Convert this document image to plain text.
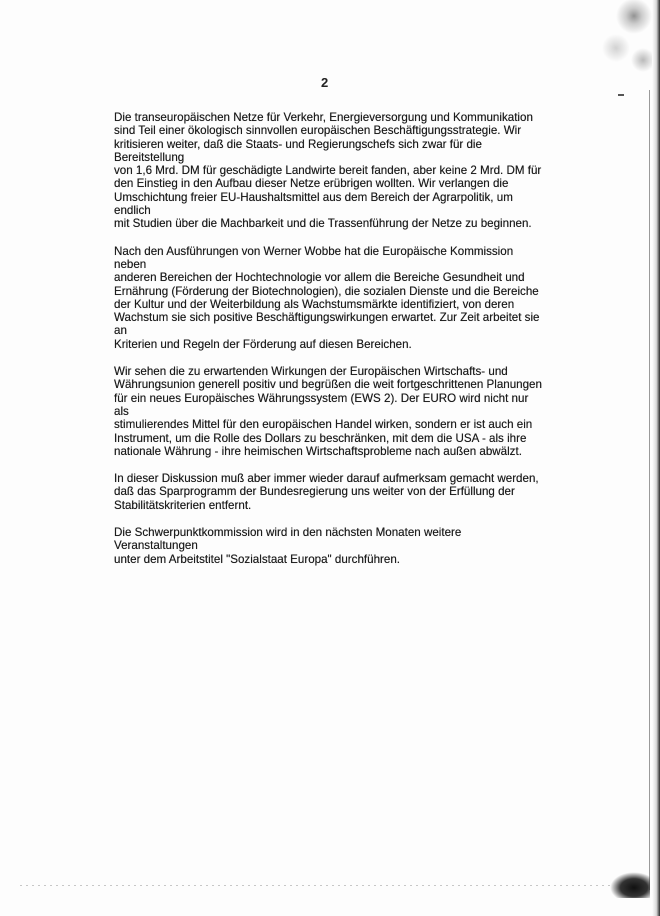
2

Die transeuropäischen Netze für Verkehr, Energieversorgung und Kommunikation
sind Teil einer ökologisch sinnvollen europäischen Beschäftigungsstrategie. Wir
kritisieren weiter, daß die Staats- und Regierungschefs sich zwar für die Bereitstellung
von 1,6 Mrd. DM für geschädigte Landwirte bereit fanden, aber keine 2 Mrd. DM für
den Einstieg in den Aufbau dieser Netze erübrigen wollten. Wir verlangen die
Umschichtung freier EU-Haushaltsmittel aus dem Bereich der Agrarpolitik, um endlich
mit Studien über die Machbarkeit und die Trassenführung der Netze zu beginnen.

Nach den Ausführungen von Werner Wobbe hat die Europäische Kommission neben
anderen Bereichen der Hochtechnologie vor allem die Bereiche Gesundheit und
Ernährung (Förderung der Biotechnologien), die sozialen Dienste und die Bereiche
der Kultur und der Weiterbildung als Wachstumsmärkte identifiziert, von deren
Wachstum sie sich positive Beschäftigungswirkungen erwartet. Zur Zeit arbeitet sie an
Kriterien und Regeln der Förderung auf diesen Bereichen.

Wir sehen die zu erwartenden Wirkungen der Europäischen Wirtschafts- und
Währungsunion generell positiv und begrüßen die weit fortgeschrittenen Planungen
für ein neues Europäisches Währungssystem (EWS 2). Der EURO wird nicht nur als
stimulierendes Mittel für den europäischen Handel wirken, sondern er ist auch ein
Instrument, um die Rolle des Dollars zu beschränken, mit dem die USA - als ihre
nationale Währung - ihre heimischen Wirtschaftsprobleme nach außen abwälzt.

In dieser Diskussion muß aber immer wieder darauf aufmerksam gemacht werden,
daß das Sparprogramm der Bundesregierung uns weiter von der Erfüllung der
Stabilitätskriterien entfernt.

Die Schwerpunktkommission wird in den nächsten Monaten weitere Veranstaltungen
unter dem Arbeitstitel "Sozialstaat Europa" durchführen.
